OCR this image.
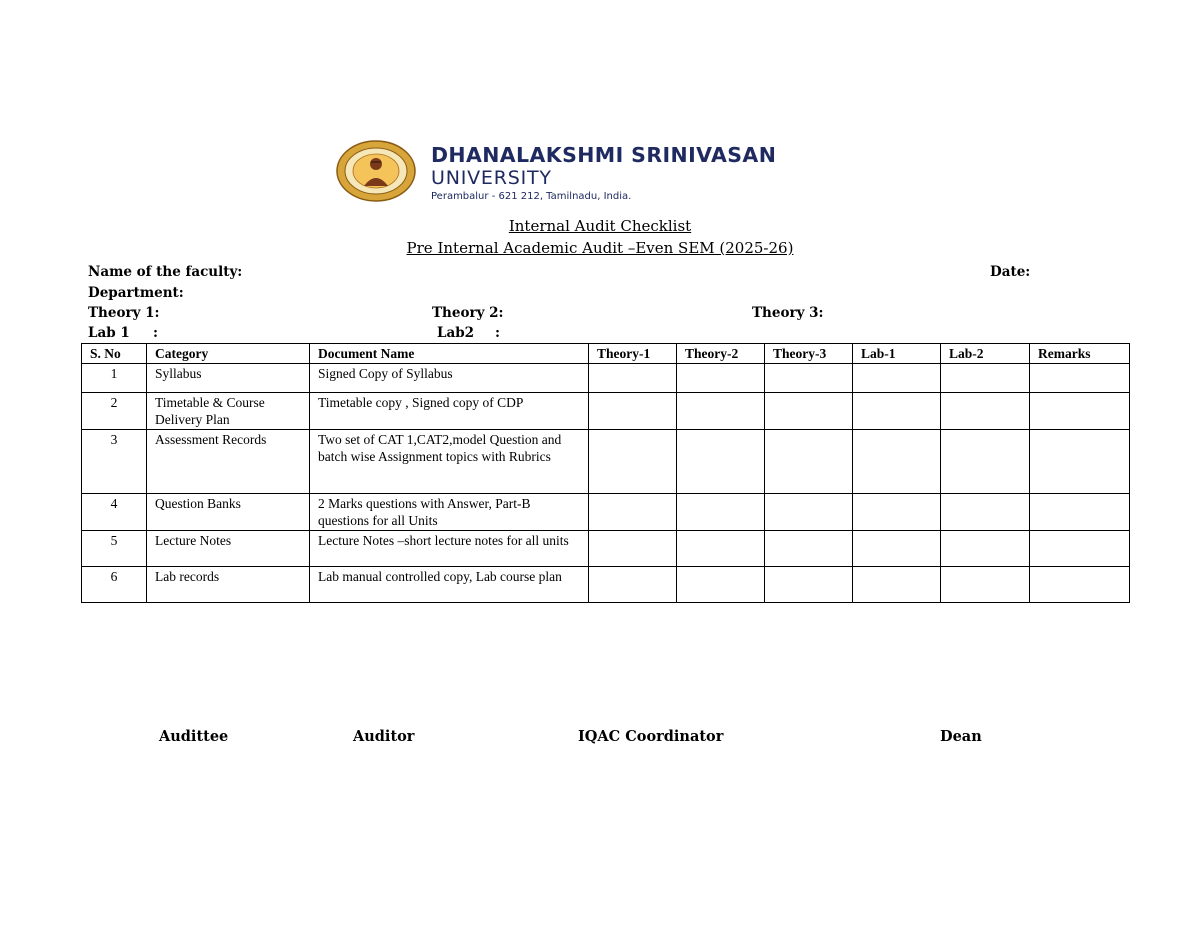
DHANALAKSHMI SRINIVASAN
UNIVERSITY
Perambalur - 621 212, Tamilnadu, India.
Internal Audit Checklist
Pre Internal Academic Audit –Even SEM (2025-26)
Name of the faculty:	Date:
Department:
Theory 1:	Theory 2:	Theory 3:
Lab 1 :	Lab2 :
S. No	Category	Document Name	Theory-1	Theory-2	Theory-3	Lab-1	Lab-2	Remarks
1	Syllabus	Signed Copy of Syllabus						
2	Timetable & Course Delivery Plan	Timetable copy , Signed copy of CDP						
3	Assessment Records	Two set of CAT 1,CAT2,model Question and batch wise Assignment topics with Rubrics						
4	Question Banks	2 Marks questions with Answer, Part-B questions for all Units						
5	Lecture Notes	Lecture Notes –short lecture notes for all units						
6	Lab records	Lab manual controlled copy, Lab course plan						
Audittee	Auditor	IQAC Coordinator	Dean
